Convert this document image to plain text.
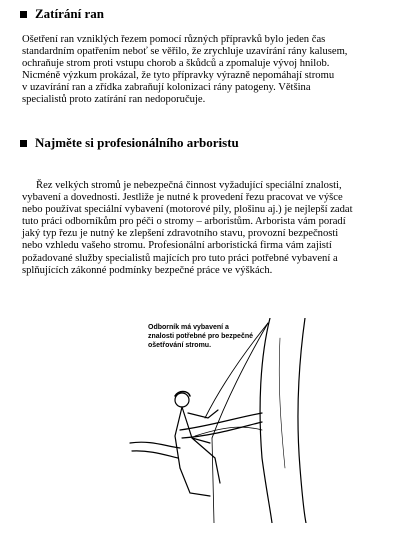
Zatírání ran

Ošetření ran vzniklých řezem pomocí různých přípravků bylo jeden čas
standardním opatřením neboť se věřilo, že zrychluje uzavírání rány kalusem,
ochraňuje strom proti vstupu chorob a škůdců a zpomaluje vývoj hnilob.
Nicméně výzkum prokázal, že tyto přípravky výrazně nepomáhají stromu
v uzavírání ran a zřídka zabraňují kolonizaci rány patogeny. Většina
specialistů proto zatírání ran nedoporučuje.

Najměte si profesionálního arboristu

Řez velkých stromů je nebezpečná činnost vyžadující speciální znalosti,
vybavení a dovednosti. Jestliže je nutné k provedení řezu pracovat ve výšce
nebo používat speciální vybavení (motorové pily, plošinu aj.) je nejlepší zadat
tuto práci odborníkům pro péči o stromy – arboristům. Arborista vám poradí
jaký typ řezu je nutný ke zlepšení zdravotního stavu, provozní bezpečnosti
nebo vzhledu vašeho stromu. Profesionální arboristická firma vám zajistí
požadované služby specialistů majících pro tuto práci potřebné vybavení a
splňujících zákonné podmínky bezpečné práce ve výškách.

Odborník má vybavení a
znalosti potřebné pro bezpečné
ošetřování stromu.
